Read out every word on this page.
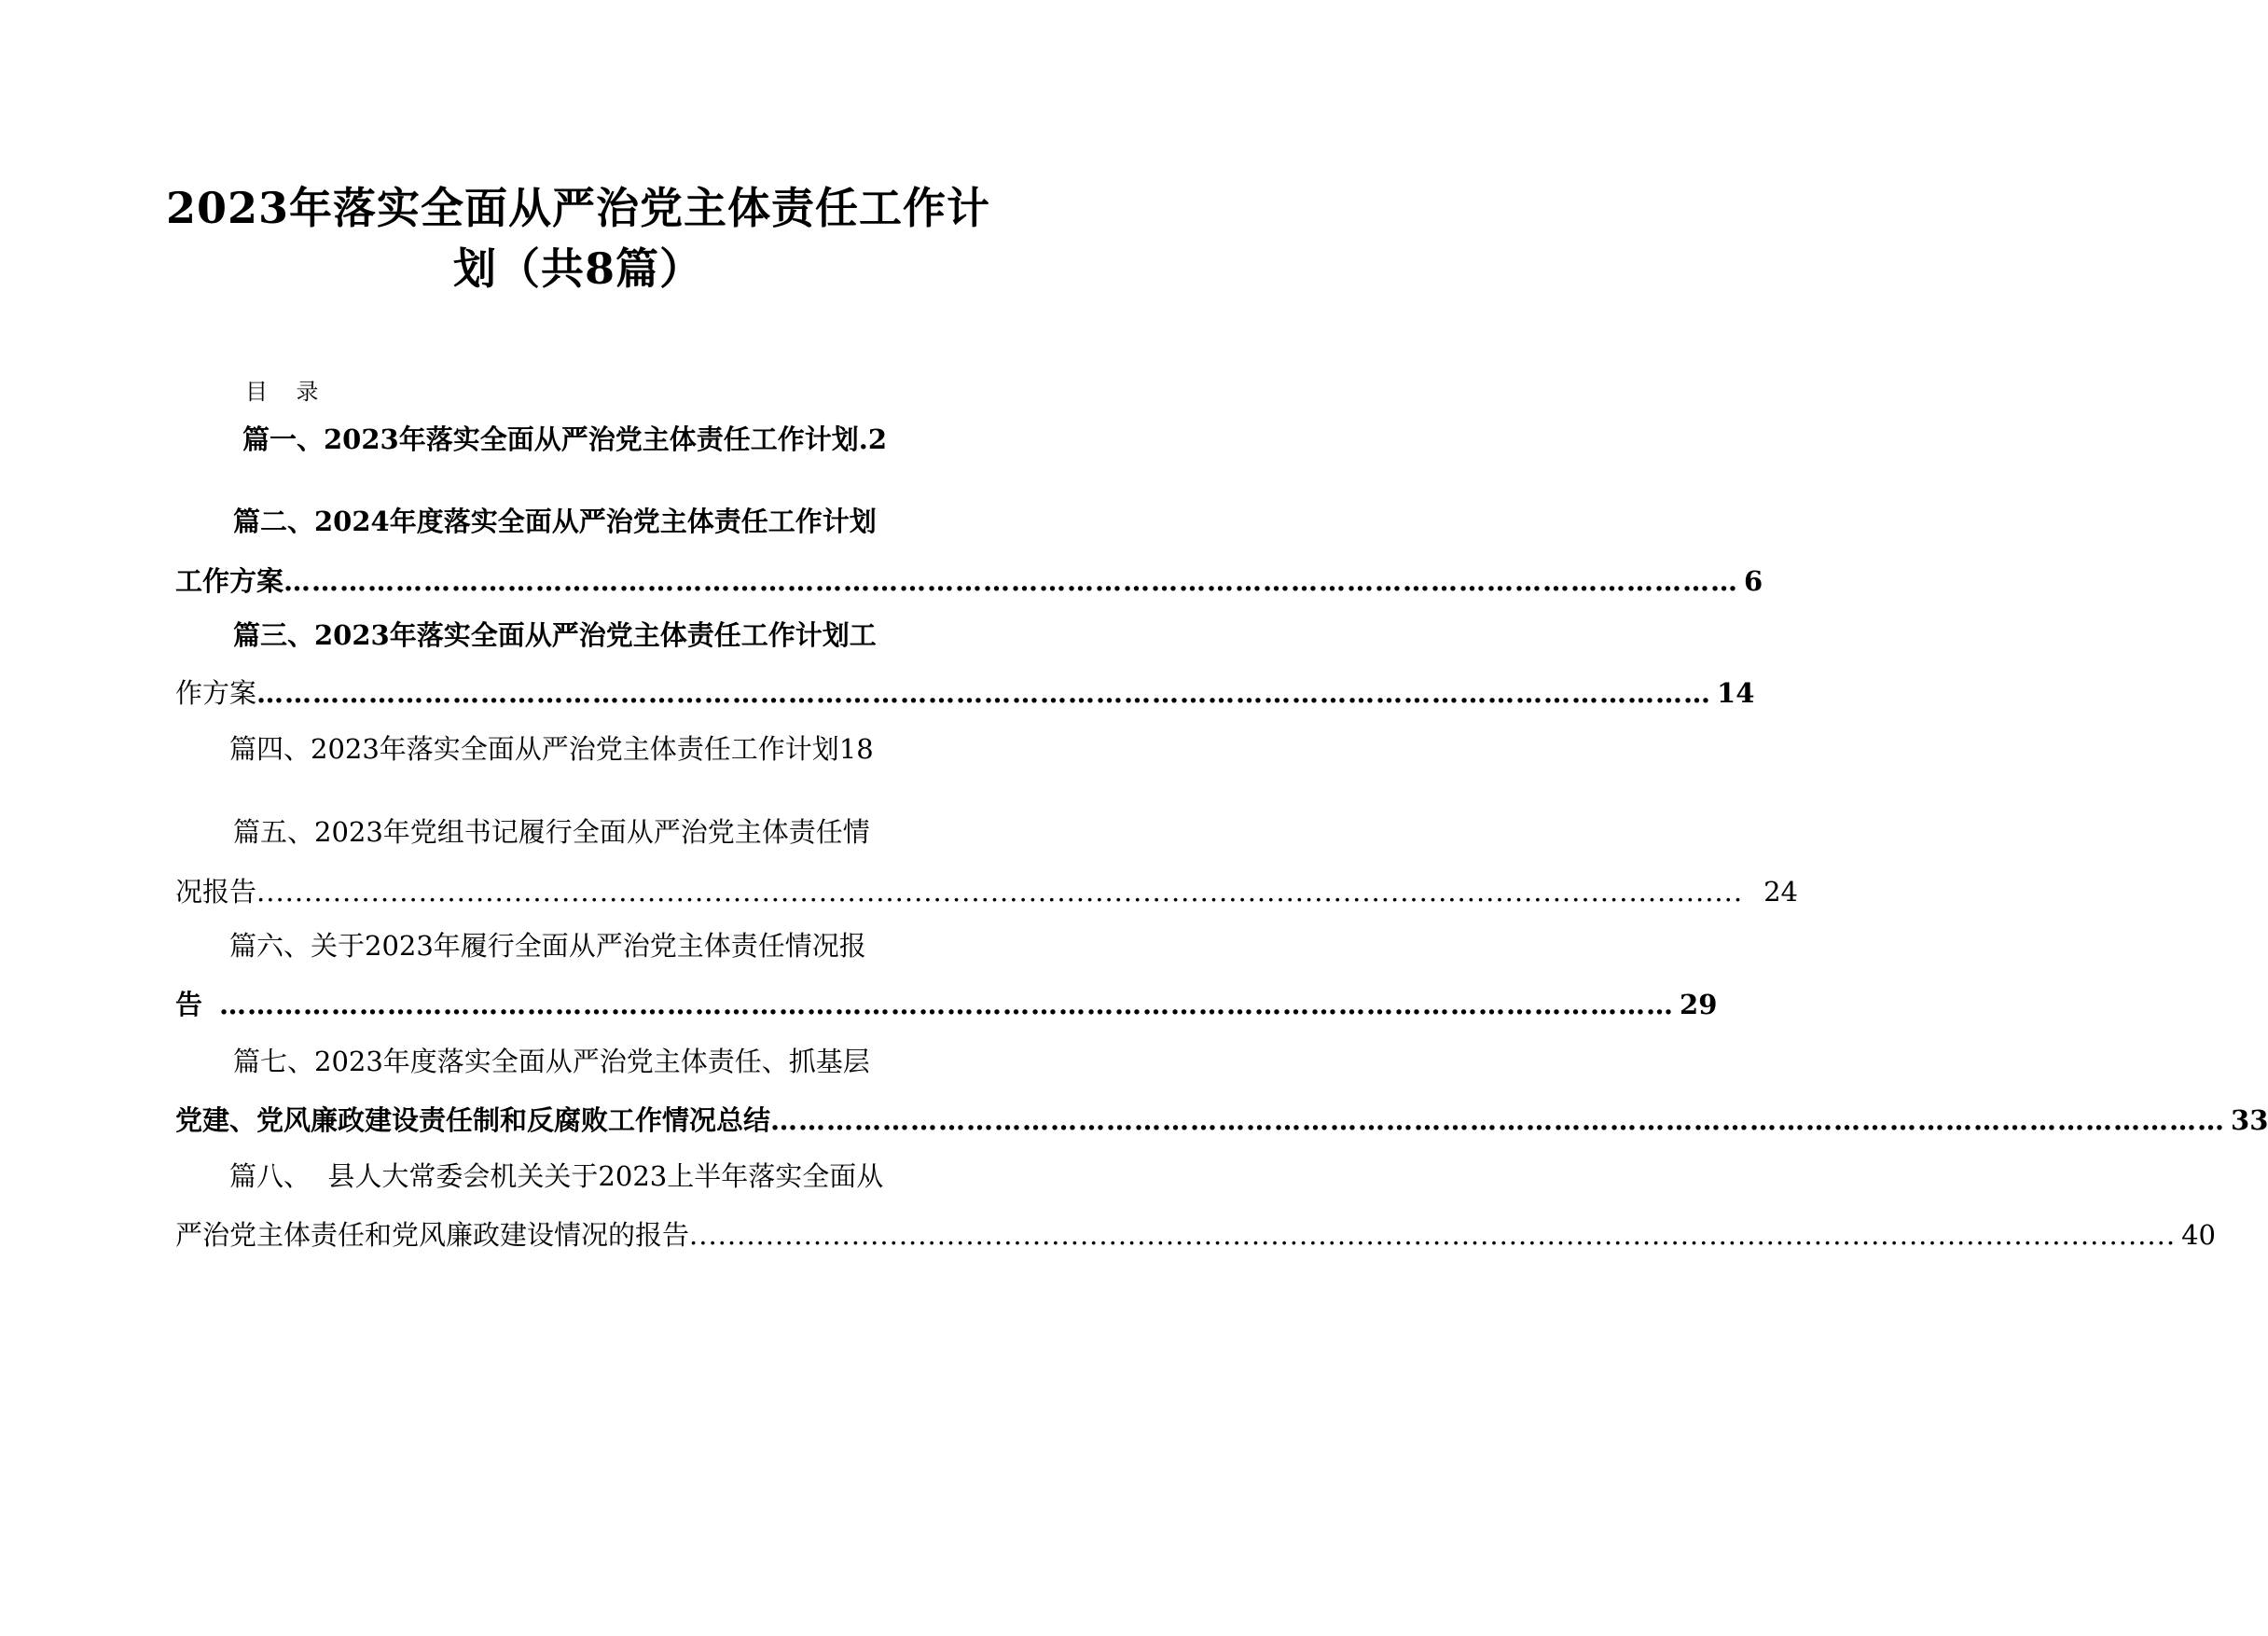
2023年落实全面从严治党主体责任工作计
划（共8篇）
目    录
篇一、2023年落实全面从严治党主体责任工作计划.2
篇二、2024年度落实全面从严治党主体责任工作计划
工作方案 ………………………………………………………………………………………………………………………………………… 6
篇三、2023年落实全面从严治党主体责任工作计划工
作方案 ………………………………………………………………………………………………………………………………………… 14
篇四、2023年落实全面从严治党主体责任工作计划18
篇五、2023年党组书记履行全面从严治党主体责任情
况报告 ............................................................................................................................................................ 24
篇六、关于2023年履行全面从严治党主体责任情况报
告 ………………………………………………………………………………………………………………………………………… 29
篇七、2023年度落实全面从严治党主体责任、抓基层
党建、党风廉政建设责任制和反腐败工作情况总结 ………………………………………………………………………………………………………………………………………… 33
篇八、  县人大常委会机关关于2023上半年落实全面从
严治党主体责任和党风廉政建设情况的报告 ............................................................................................................................................................ 40
